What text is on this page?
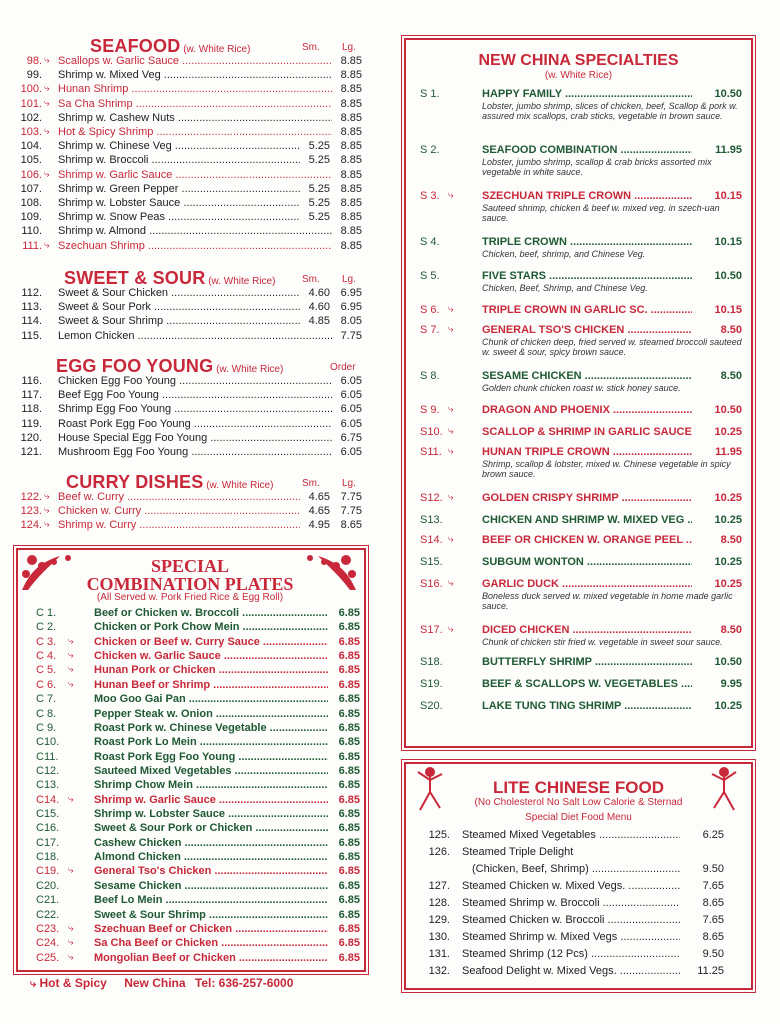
SEAFOOD (w. White Rice)	Sm. Lg.
98. ⤷ Scallops w. Garlic Sauce .....	8.85
99. Shrimp w. Mixed Veg .....	8.85
100. ⤷ Hunan Shrimp .....	8.85
101. ⤷ Sa Cha Shrimp .....	8.85
102. Shrimp w. Cashew Nuts .....	8.85
103. ⤷ Hot & Spicy Shrimp .....	8.85
104. Shrimp w. Chinese Veg .....	5.25 8.85
105. Shrimp w. Broccoli .....	5.25 8.85
106. ⤷ Shrimp w. Garlic Sauce .....	8.85
107. Shrimp w. Green Pepper .....	5.25 8.85
108. Shrimp w. Lobster Sauce .....	5.25 8.85
109. Shrimp w. Snow Peas .....	5.25 8.85
110. Shrimp w. Almond .....	8.85
111. ⤷ Szechuan Shrimp .....	8.85
SWEET & SOUR (w. White Rice)	Sm. Lg.
112. Sweet & Sour Chicken .....	4.60 6.95
113. Sweet & Sour Pork .....	4.60 6.95
114. Sweet & Sour Shrimp .....	4.85 8.05
115. Lemon Chicken .....	7.75
EGG FOO YOUNG (w. White Rice)	Order
116. Chicken Egg Foo Young .....	6.05
117. Beef Egg Foo Young .....	6.05
118. Shrimp Egg Foo Young .....	6.05
119. Roast Pork Egg Foo Young .....	6.05
120. House Special Egg Foo Young .....	6.75
121. Mushroom Egg Foo Young .....	6.05
CURRY DISHES (w. White Rice)	Sm. Lg.
122. ⤷ Beef w. Curry .....	4.65 7.75
123. ⤷ Chicken w. Curry .....	4.65 7.75
124. ⤷ Shrimp w. Curry .....	4.95 8.65
SPECIAL
COMBINATION PLATES
(All Served w. Pork Fried Rice & Egg Roll)
C 1.	Beef or Chicken w. Broccoli .....	6.85
C 2.	Chicken or Pork Chow Mein .....	6.85
C 3.	⤷ Chicken or Beef w. Curry Sauce .....	6.85
C 4.	⤷ Chicken w. Garlic Sauce .....	6.85
C 5.	⤷ Hunan Pork or Chicken .....	6.85
C 6.	⤷ Hunan Beef or Shrimp .....	6.85
C 7.	Moo Goo Gai Pan .....	6.85
C 8.	Pepper Steak w. Onion .....	6.85
C 9.	Roast Pork w. Chinese Vegetable .....	6.85
C10.	Roast Pork Lo Mein .....	6.85
C11.	Roast Pork Egg Foo Young .....	6.85
C12.	Sauteed Mixed Vegetables .....	6.85
C13.	Shrimp Chow Mein .....	6.85
C14. ⤷ Shrimp w. Garlic Sauce .....	6.85
C15.	Shrimp w. Lobster Sauce .....	6.85
C16.	Sweet & Sour Pork or Chicken .....	6.85
C17.	Cashew Chicken .....	6.85
C18.	Almond Chicken .....	6.85
C19. ⤷ General Tso's Chicken .....	6.85
C20.	Sesame Chicken .....	6.85
C21.	Beef Lo Mein .....	6.85
C22.	Sweet & Sour Shrimp .....	6.85
C23. ⤷ Szechuan Beef or Chicken .....	6.85
C24. ⤷ Sa Cha Beef or Chicken .....	6.85
C25. ⤷ Mongolian Beef or Chicken .....	6.85
⤷ Hot & Spicy New China Tel: 636-257-6000
NEW CHINA SPECIALTIES
(w. White Rice)
S 1.	HAPPY FAMILY .....	10.50
Lobster, jumbo shrimp, slices of chicken, beef, Scallop & pork w. assured mix scallops, crab sticks, vegetable in brown sauce.
S 2.	SEAFOOD COMBINATION .....	11.95
Lobster, jumbo shrimp, scallop & crab bricks assorted mix vegetable in white sauce.
S 3. ⤷	SZECHUAN TRIPLE CROWN .....	10.15
Sauteed shrimp, chicken & beef w. mixed veg. in szech-uan sauce.
S 4.	TRIPLE CROWN .....	10.15
Chicken, beef, shrimp, and Chinese Veg.
S 5.	FIVE STARS .....	10.50
Chicken, Beef, Shrimp, and Chinese Veg.
S 6. ⤷	TRIPLE CROWN IN GARLIC SC. .....	10.15
S 7. ⤷	GENERAL TSO'S CHICKEN .....	8.50
Chunk of chicken deep, fried served w. steamed broccoli sauteed w. sweet & sour, spicy brown sauce.
S 8.	SESAME CHICKEN .....	8.50
Golden chunk chicken roast w. stick honey sauce.
S 9. ⤷	DRAGON AND PHOENIX .....	10.50
S10. ⤷	SCALLOP & SHRIMP IN GARLIC SAUCE .....	10.25
S11. ⤷	HUNAN TRIPLE CROWN .....	11.95
Shrimp, scallop & lobster, mixed w. Chinese vegetable in spicy brown sauce.
S12. ⤷	GOLDEN CRISPY SHRIMP .....	10.25
S13.	CHICKEN AND SHRIMP W. MIXED VEG .....	10.25
S14. ⤷	BEEF OR CHICKEN W. ORANGE PEEL .....	8.50
S15.	SUBGUM WONTON .....	10.25
S16. ⤷	GARLIC DUCK .....	10.25
Boneless duck served w. mixed vegetable in home made garlic sauce.
S17. ⤷	DICED CHICKEN .....	8.50
Chunk of chicken stir fried w. vegetable in sweet sour sauce.
S18.	BUTTERFLY SHRIMP .....	10.50
S19.	BEEF & SCALLOPS W. VEGETABLES .....	9.95
S20.	LAKE TUNG TING SHRIMP .....	10.25
LITE CHINESE FOOD
(No Cholesterol No Salt Low Calorie & Sternad
Special Diet Food Menu
125. Steamed Mixed Vegetables .....	6.25
126. Steamed Triple Delight
(Chicken, Beef, Shrimp) .....	9.50
127. Steamed Chicken w. Mixed Vegs. .....	7.65
128. Steamed Shrimp w. Broccoli .....	8.65
129. Steamed Chicken w. Broccoli .....	7.65
130. Steamed Shrimp w. Mixed Vegs .....	8.65
131. Steamed Shrimp (12 Pcs) .....	9.50
132. Seafood Delight w. Mixed Vegs. .....	11.25
